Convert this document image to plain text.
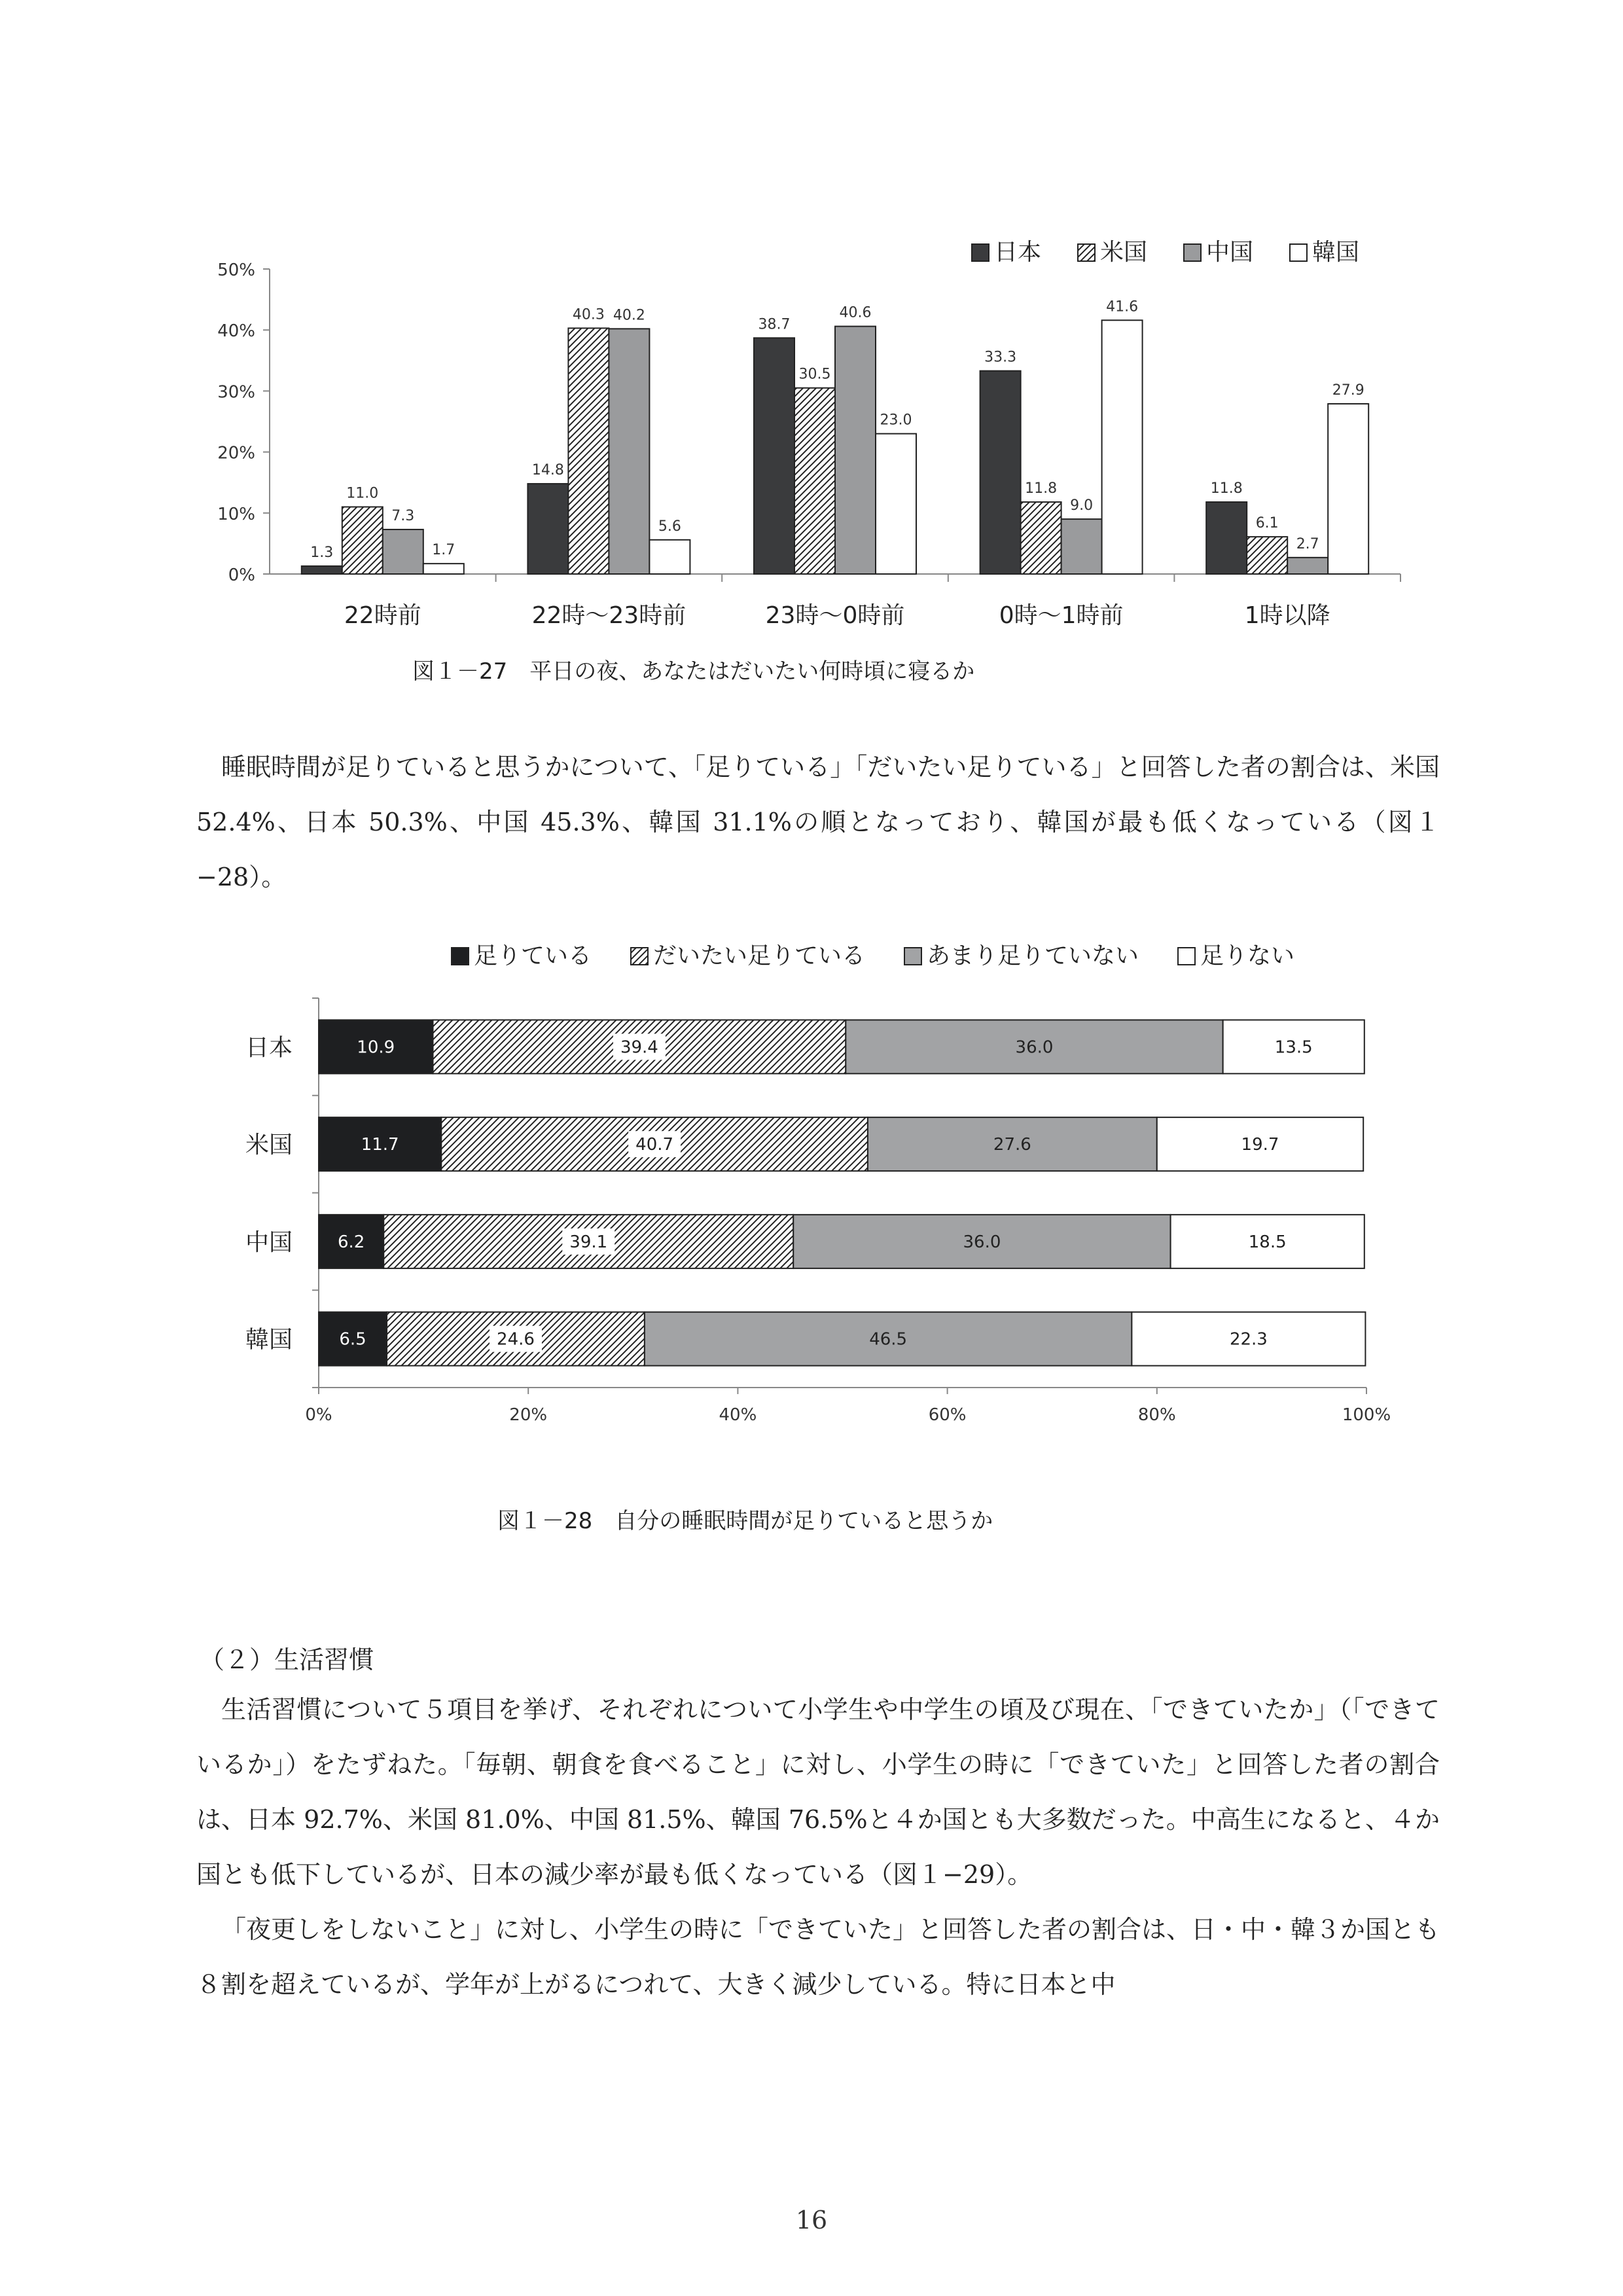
0%
10%
20%
30%
40%
50%
1.3
11.0
7.3
1.7
14.8
40.3 40.2
5.6
38.7
30.5
40.6
23.0
33.3
11.8
9.0
41.6
11.8
6.1
2.7
27.9
22時前	22時～23時前	23時～0時前	0時～1時前	1時以降
日本 米国 中国 韓国
図１－27　平日の夜、あなたはだいたい何時頃に寝るか

睡眠時間が足りていると思うかについて、「足りている」「だいたい足りている」と回答した者の割合は、米国 52.4%、日本 50.3%、中国 45.3%、韓国 31.1%の順となっており、韓国が最も低くなっている（図１−28）。

0%	20%	40%	60%	80%	100%
日本
米国
中国
韓国
10.9	39.4	36.0	13.5
11.7	40.7	27.6	19.7
6.2	39.1	36.0	18.5
6.5	24.6	46.5	22.3
足りている	だいたい足りている	あまり足りていない	足りない
図１－28　自分の睡眠時間が足りていると思うか
（２）生活習慣

生活習慣について５項目を挙げ、それぞれについて小学生や中学生の頃及び現在、「できていたか」（「できているか」）をたずねた。「毎朝、朝食を食べること」に対し、小学生の時に「できていた」と回答した者の割合は、日本 92.7%、米国 81.0%、中国 81.5%、韓国 76.5%と４か国とも大多数だった。中高生になると、４か国とも低下しているが、日本の減少率が最も低くなっている（図１−29）。

「夜更しをしないこと」に対し、小学生の時に「できていた」と回答した者の割合は、日・中・韓３か国とも８割を超えているが、学年が上がるにつれて、大きく減少している。特に日本と中

16
